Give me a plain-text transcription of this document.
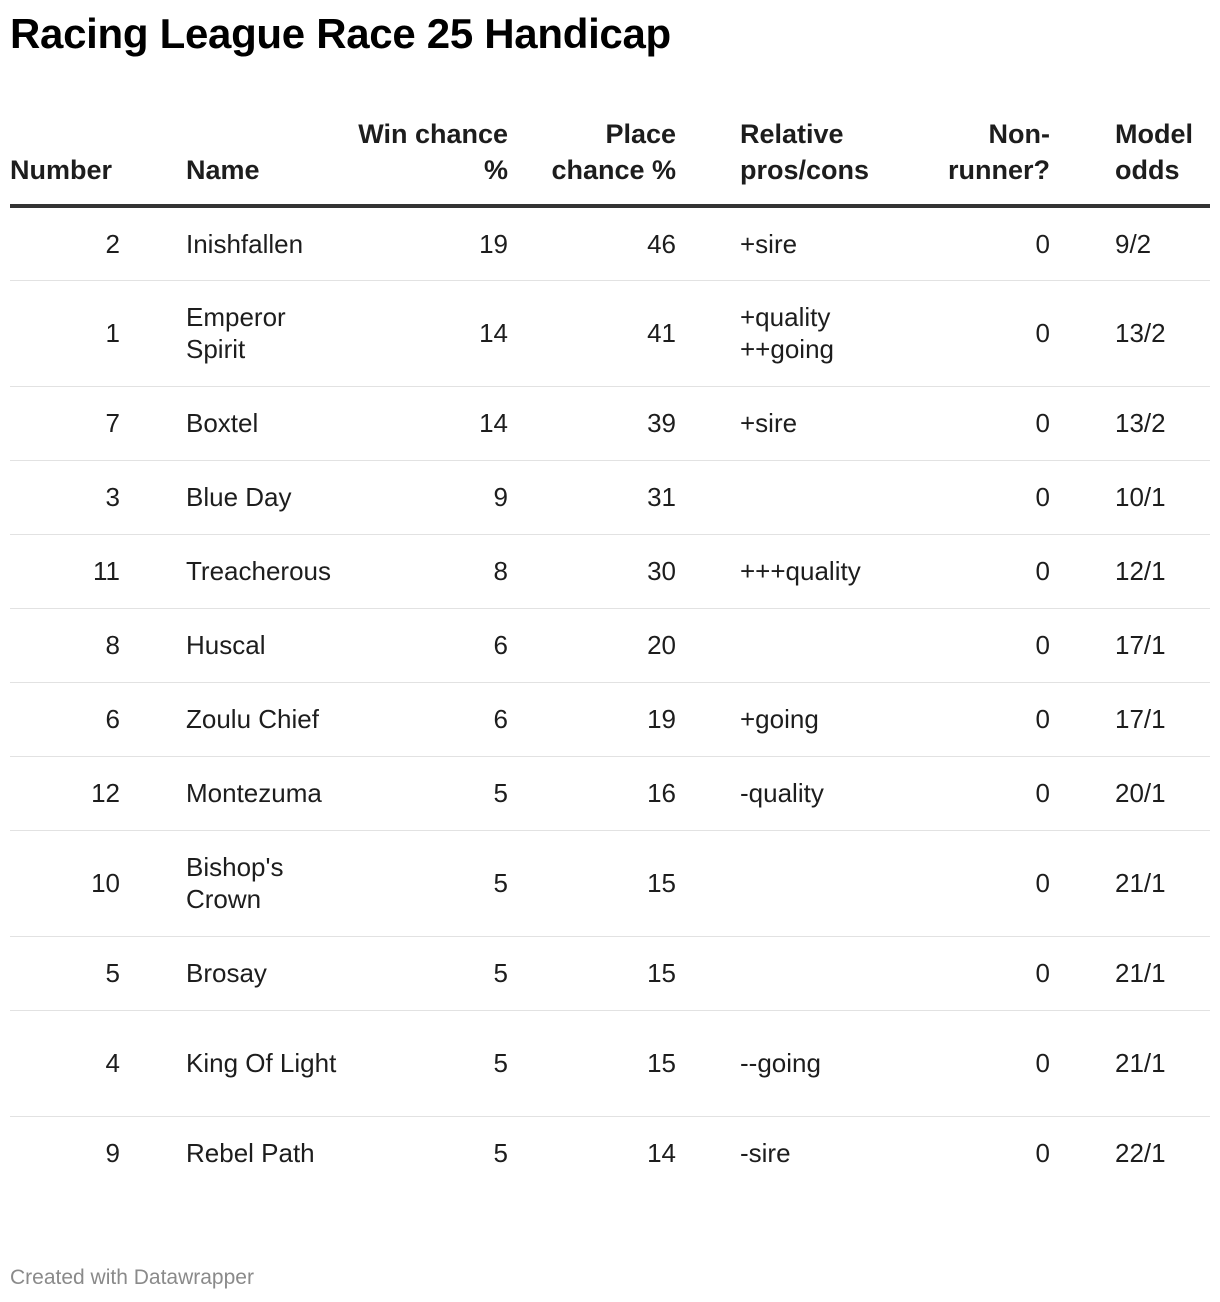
Racing League Race 25 Handicap
Number		Name	Win chance %	Place chance %		Relative pros/cons	Non-runner?		Model odds
2		Inishfallen	19	46		+sire	0		9/2
1		Emperor Spirit	14	41		+quality ++going	0		13/2
7		Boxtel	14	39		+sire	0		13/2
3		Blue Day	9	31			0		10/1
11		Treacherous	8	30		+++quality	0		12/1
8		Huscal	6	20			0		17/1
6		Zoulu Chief	6	19		+going	0		17/1
12		Montezuma	5	16		-quality	0		20/1
10		Bishop's Crown	5	15			0		21/1
5		Brosay	5	15			0		21/1
4		King Of Light	5	15		--going	0		21/1
9		Rebel Path	5	14		-sire	0		22/1
Created with Datawrapper
